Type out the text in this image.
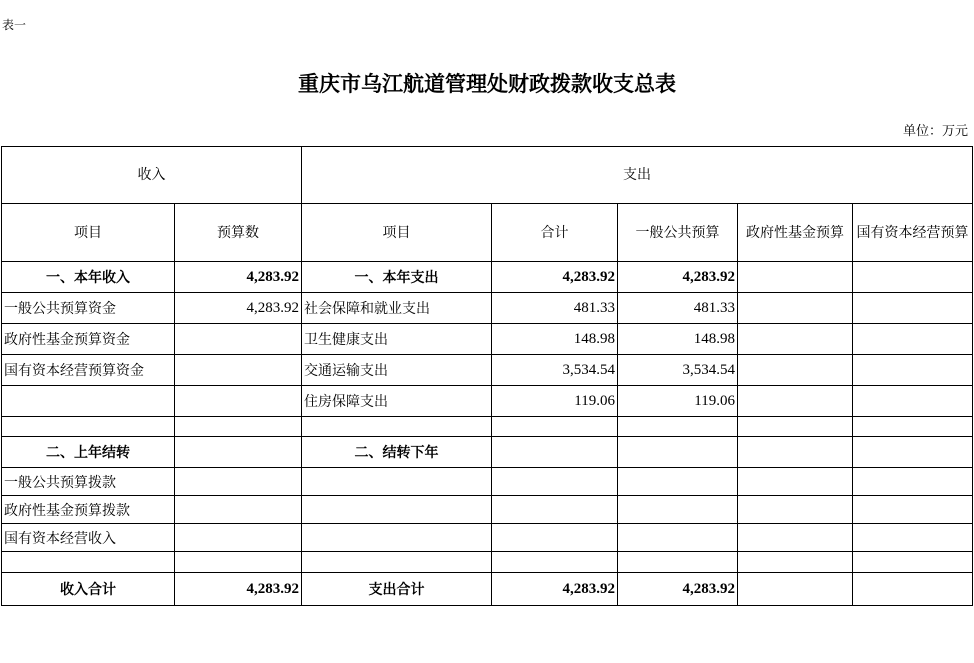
表一
重庆市乌江航道管理处财政拨款收支总表
单位：万元
收入		支出				
项目	预算数	项目	合计	一般公共预算	政府性基金预算	国有资本经营预算
一、本年收入	4,283.92	一、本年支出	4,283.92	4,283.92		
一般公共预算资金	4,283.92	社会保障和就业支出	481.33	481.33		
政府性基金预算资金		卫生健康支出	148.98	148.98		
国有资本经营预算资金		交通运输支出	3,534.54	3,534.54		
		住房保障支出	119.06	119.06		

二、上年结转		二、结转下年				
一般公共预算拨款						
政府性基金预算拨款						
国有资本经营收入						

收入合计	4,283.92	支出合计	4,283.92	4,283.92		
